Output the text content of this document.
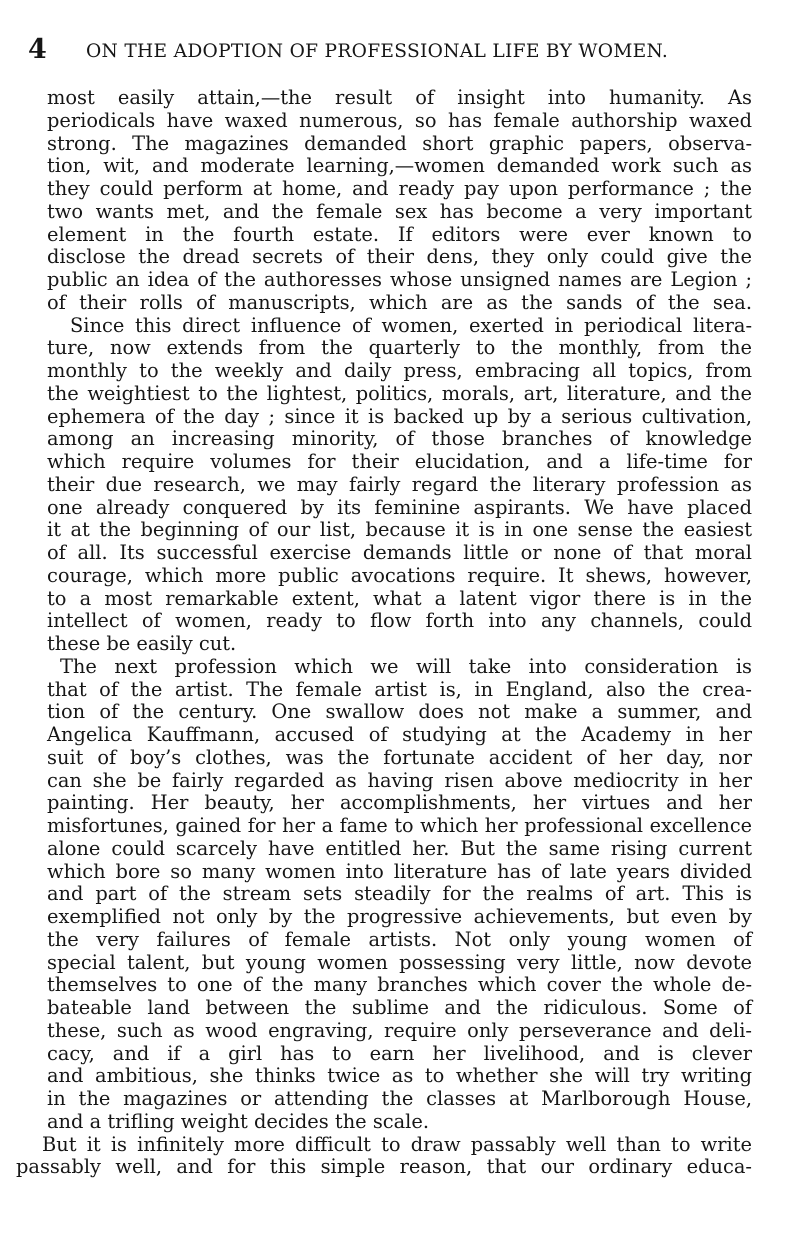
4 ON THE ADOPTION OF PROFESSIONAL LIFE BY WOMEN.
most easily attain,—the result of insight into humanity. As
periodicals have waxed numerous, so has female authorship waxed
strong. The magazines demanded short graphic papers, observa-
tion, wit, and moderate learning,—women demanded work such as
they could perform at home, and ready pay upon performance ; the
two wants met, and the female sex has become a very important
element in the fourth estate. If editors were ever known to
disclose the dread secrets of their dens, they only could give the
public an idea of the authoresses whose unsigned names are Legion ;
of their rolls of manuscripts, which are as the sands of the sea.
Since this direct influence of women, exerted in periodical litera-
ture, now extends from the quarterly to the monthly, from the
monthly to the weekly and daily press, embracing all topics, from
the weightiest to the lightest, politics, morals, art, literature, and the
ephemera of the day ; since it is backed up by a serious cultivation,
among an increasing minority, of those branches of knowledge
which require volumes for their elucidation, and a life-time for
their due research, we may fairly regard the literary profession as
one already conquered by its feminine aspirants. We have placed
it at the beginning of our list, because it is in one sense the easiest
of all. Its successful exercise demands little or none of that moral
courage, which more public avocations require. It shews, however,
to a most remarkable extent, what a latent vigor there is in the
intellect of women, ready to flow forth into any channels, could
these be easily cut.
The next profession which we will take into consideration is
that of the artist. The female artist is, in England, also the crea-
tion of the century. One swallow does not make a summer, and
Angelica Kauffmann, accused of studying at the Academy in her
suit of boy’s clothes, was the fortunate accident of her day, nor
can she be fairly regarded as having risen above mediocrity in her
painting. Her beauty, her accomplishments, her virtues and her
misfortunes, gained for her a fame to which her professional excellence
alone could scarcely have entitled her. But the same rising current
which bore so many women into literature has of late years divided
and part of the stream sets steadily for the realms of art. This is
exemplified not only by the progressive achievements, but even by
the very failures of female artists. Not only young women of
special talent, but young women possessing very little, now devote
themselves to one of the many branches which cover the whole de-
bateable land between the sublime and the ridiculous. Some of
these, such as wood engraving, require only perseverance and deli-
cacy, and if a girl has to earn her livelihood, and is clever
and ambitious, she thinks twice as to whether she will try writing
in the magazines or attending the classes at Marlborough House,
and a trifling weight decides the scale.
But it is infinitely more difficult to draw passably well than to write
passably well, and for this simple reason, that our ordinary educa-
